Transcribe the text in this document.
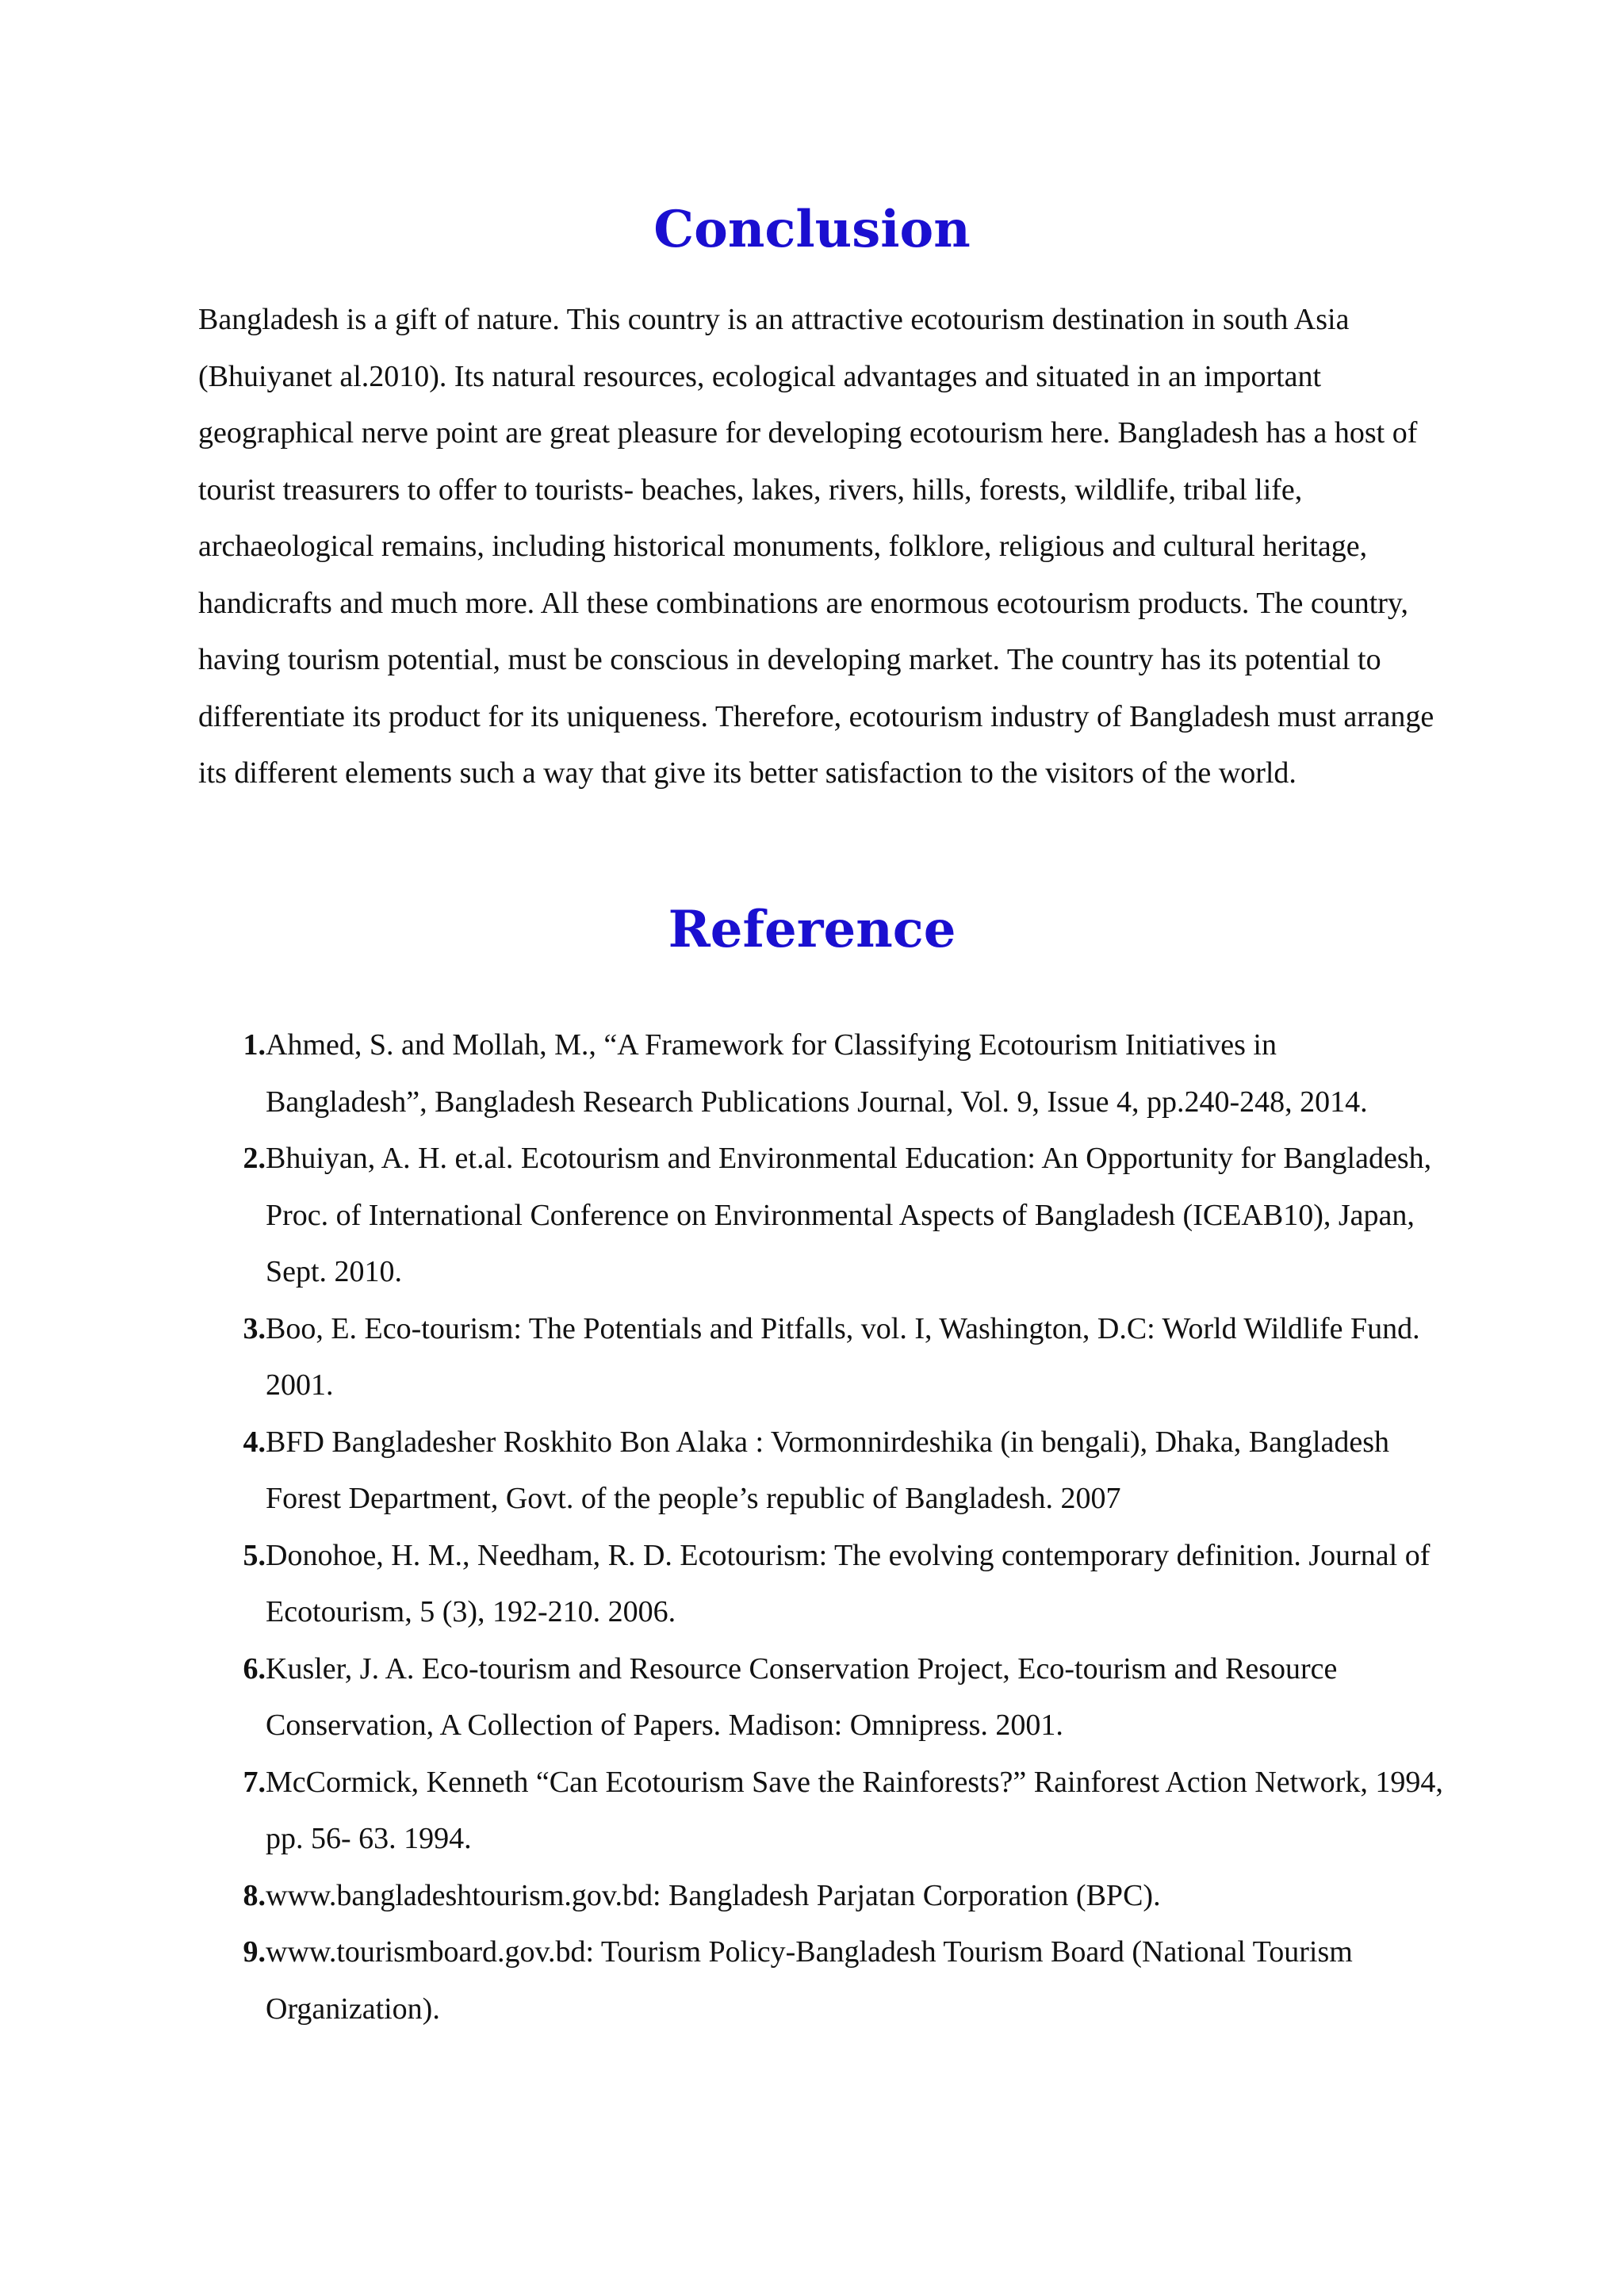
Conclusion

Bangladesh is a gift of nature. This country is an attractive ecotourism destination in south Asia (Bhuiyanet al.2010). Its natural resources, ecological advantages and situated in an important geographical nerve point are great pleasure for developing ecotourism here. Bangladesh has a host of tourist treasurers to offer to tourists- beaches, lakes, rivers, hills, forests, wildlife, tribal life, archaeological remains, including historical monuments, folklore, religious and cultural heritage, handicrafts and much more. All these combinations are enormous ecotourism products. The country, having tourism potential, must be conscious in developing market. The country has its potential to differentiate its product for its uniqueness. Therefore, ecotourism industry of Bangladesh must arrange its different elements such a way that give its better satisfaction to the visitors of the world.

Reference
1. Ahmed, S. and Mollah, M., “A Framework for Classifying Ecotourism Initiatives in Bangladesh”, Bangladesh Research Publications Journal, Vol. 9, Issue 4, pp.240-248, 2014.
2. Bhuiyan, A. H. et.al. Ecotourism and Environmental Education: An Opportunity for Bangladesh, Proc. of International Conference on Environmental Aspects of Bangladesh (ICEAB10), Japan, Sept. 2010.
3. Boo, E. Eco-tourism: The Potentials and Pitfalls, vol. I, Washington, D.C: World Wildlife Fund. 2001.
4. BFD Bangladesher Roskhito Bon Alaka : Vormonnirdeshika (in bengali), Dhaka, Bangladesh Forest Department, Govt. of the people’s republic of Bangladesh. 2007
5. Donohoe, H. M., Needham, R. D. Ecotourism: The evolving contemporary definition. Journal of Ecotourism, 5 (3), 192-210. 2006.
6. Kusler, J. A. Eco-tourism and Resource Conservation Project, Eco-tourism and Resource Conservation, A Collection of Papers. Madison: Omnipress. 2001.
7. McCormick, Kenneth “Can Ecotourism Save the Rainforests?” Rainforest Action Network, 1994, pp. 56- 63. 1994.
8. www.bangladeshtourism.gov.bd: Bangladesh Parjatan Corporation (BPC).
9. www.tourismboard.gov.bd: Tourism Policy-Bangladesh Tourism Board (National Tourism Organization).
